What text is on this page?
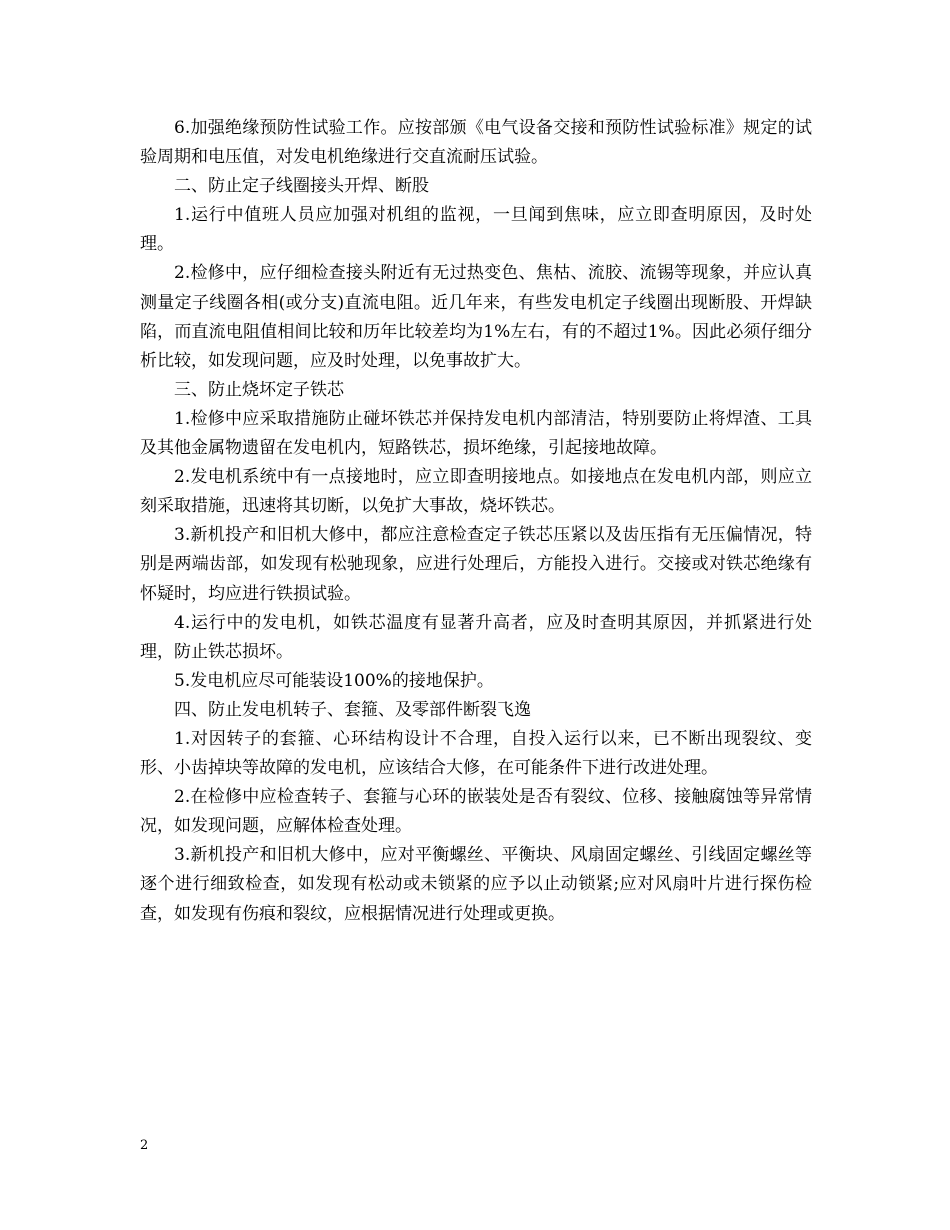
6.加强绝缘预防性试验工作。应按部颁《电气设备交接和预防性试验标准》规定的试验周期和电压值，对发电机绝缘进行交直流耐压试验。

二、防止定子线圈接头开焊、断股

1.运行中值班人员应加强对机组的监视，一旦闻到焦味，应立即查明原因，及时处理。

2.检修中，应仔细检查接头附近有无过热变色、焦枯、流胶、流锡等现象，并应认真测量定子线圈各相(或分支)直流电阻。近几年来，有些发电机定子线圈出现断股、开焊缺陷，而直流电阻值相间比较和历年比较差均为1%左右，有的不超过1%。因此必须仔细分析比较，如发现问题，应及时处理，以免事故扩大。

三、防止烧坏定子铁芯

1.检修中应采取措施防止碰坏铁芯并保持发电机内部清洁，特别要防止将焊渣、工具及其他金属物遗留在发电机内，短路铁芯，损坏绝缘，引起接地故障。

2.发电机系统中有一点接地时，应立即查明接地点。如接地点在发电机内部，则应立刻采取措施，迅速将其切断，以免扩大事故，烧坏铁芯。

3.新机投产和旧机大修中，都应注意检查定子铁芯压紧以及齿压指有无压偏情况，特别是两端齿部，如发现有松驰现象，应进行处理后，方能投入进行。交接或对铁芯绝缘有怀疑时，均应进行铁损试验。

4.运行中的发电机，如铁芯温度有显著升高者，应及时查明其原因，并抓紧进行处理，防止铁芯损坏。

5.发电机应尽可能装设100%的接地保护。

四、防止发电机转子、套箍、及零部件断裂飞逸

1.对因转子的套箍、心环结构设计不合理，自投入运行以来，已不断出现裂纹、变形、小齿掉块等故障的发电机，应该结合大修，在可能条件下进行改进处理。

2.在检修中应检查转子、套箍与心环的嵌装处是否有裂纹、位移、接触腐蚀等异常情况，如发现问题，应解体检查处理。

3.新机投产和旧机大修中，应对平衡螺丝、平衡块、风扇固定螺丝、引线固定螺丝等逐个进行细致检查，如发现有松动或未锁紧的应予以止动锁紧;应对风扇叶片进行探伤检查，如发现有伤痕和裂纹，应根据情况进行处理或更换。

2
